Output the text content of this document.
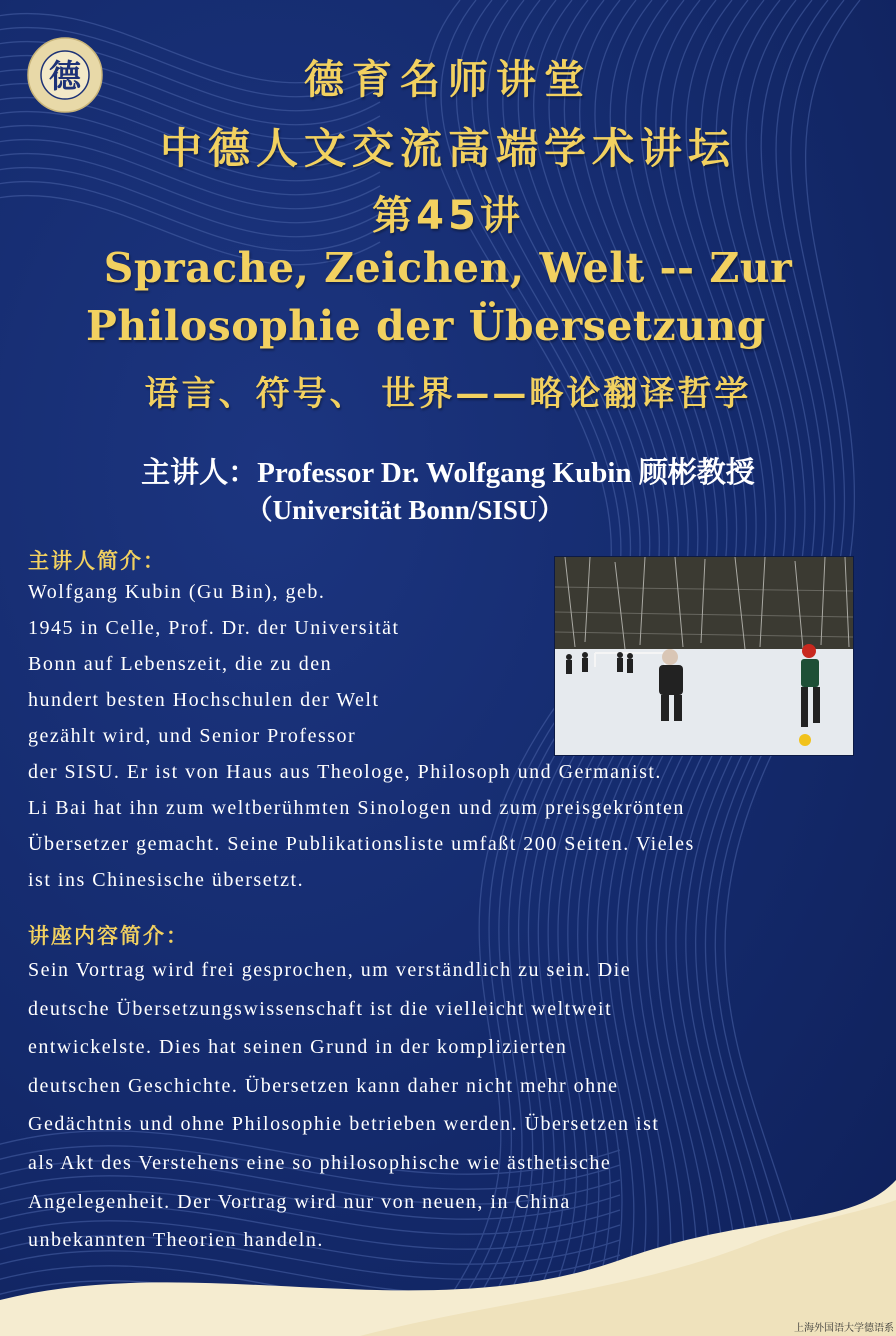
德	德育名师讲堂
中德人文交流高端学术讲坛
第45讲
Sprache, Zeichen, Welt -- Zur
Philosophie der Übersetzung
语言、符号、 世界——略论翻译哲学
主讲人：Professor Dr. Wolfgang Kubin 顾彬教授
（Universität Bonn/SISU）
主讲人简介：
讲座内容简介：
上海外国语大学德语系
Wolfgang Kubin (Gu Bin), geb.
1945 in Celle, Prof. Dr. der Universität
Bonn auf Lebenszeit, die zu den
hundert besten Hochschulen der Welt
gezählt wird, und Senior Professor
der SISU. Er ist von Haus aus Theologe, Philosoph und Germanist.
Li Bai hat ihn zum weltberühmten Sinologen und zum preisgekrönten
Übersetzer gemacht. Seine Publikationsliste umfaßt 200 Seiten. Vieles
ist ins Chinesische übersetzt.
Sein Vortrag wird frei gesprochen, um verständlich zu sein. Die
deutsche Übersetzungswissenschaft ist die vielleicht weltweit
entwickelste. Dies hat seinen Grund in der komplizierten
deutschen Geschichte. Übersetzen kann daher nicht mehr ohne
Gedächtnis und ohne Philosophie betrieben werden. Übersetzen ist
als Akt des Verstehens eine so philosophische wie ästhetische
Angelegenheit. Der Vortrag wird nur von neuen, in China
unbekannten Theorien handeln.
